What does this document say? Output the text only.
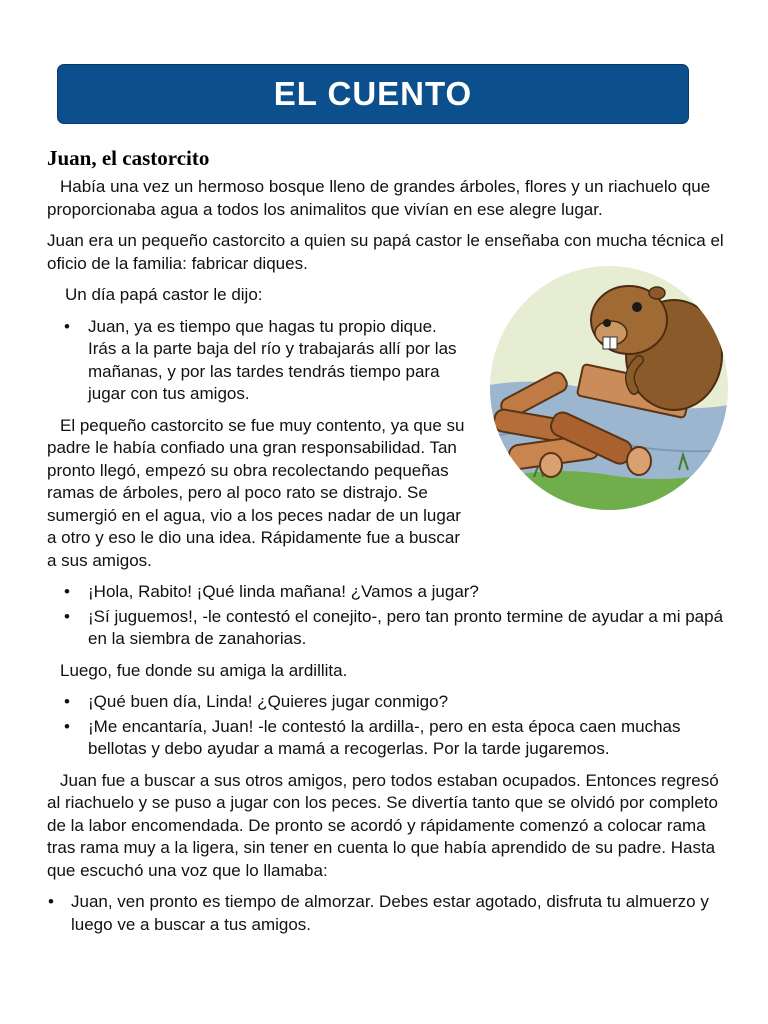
EL CUENTO
Juan, el castorcito

Había una vez un hermoso bosque lleno de grandes árboles, flores y un riachuelo que proporcionaba agua a todos los animalitos que vivían en ese alegre lugar.

Juan era un pequeño castorcito a quien su papá castor le enseñaba con mucha técnica el oficio de la familia: fabricar diques.

Un día papá castor le dijo:

• Juan, ya es tiempo que hagas tu propio dique. Irás a la parte baja del río y trabajarás allí por las mañanas, y por las tardes tendrás tiempo para jugar con tus amigos.

El pequeño castorcito se fue muy contento, ya que su padre le había confiado una gran responsabilidad. Tan pronto llegó, empezó su obra recolectando pequeñas ramas de árboles, pero al poco rato se distrajo. Se sumergió en el agua, vio a los peces nadar de un lugar a otro y eso le dio una idea. Rápidamente fue a buscar a sus amigos.

• ¡Hola, Rabito! ¡Qué linda mañana! ¿Vamos a jugar?
• ¡Sí juguemos!, -le contestó el conejito-, pero tan pronto termine de ayudar a mi papá en la siembra de zanahorias.

Luego, fue donde su amiga la ardillita.

• ¡Qué buen día, Linda! ¿Quieres jugar conmigo?
• ¡Me encantaría, Juan! -le contestó la ardilla-, pero en esta época caen muchas bellotas y debo ayudar a mamá a recogerlas. Por la tarde jugaremos.

Juan fue a buscar a sus otros amigos, pero todos estaban ocupados. Entonces regresó al riachuelo y se puso a jugar con los peces. Se divertía tanto que se olvidó por completo de la labor encomendada. De pronto se acordó y rápidamente comenzó a colocar rama tras rama muy a la ligera, sin tener en cuenta lo que había aprendido de su padre. Hasta que escuchó una voz que lo llamaba:

• Juan, ven pronto es tiempo de almorzar. Debes estar agotado, disfruta tu almuerzo y luego ve a buscar a tus amigos.
